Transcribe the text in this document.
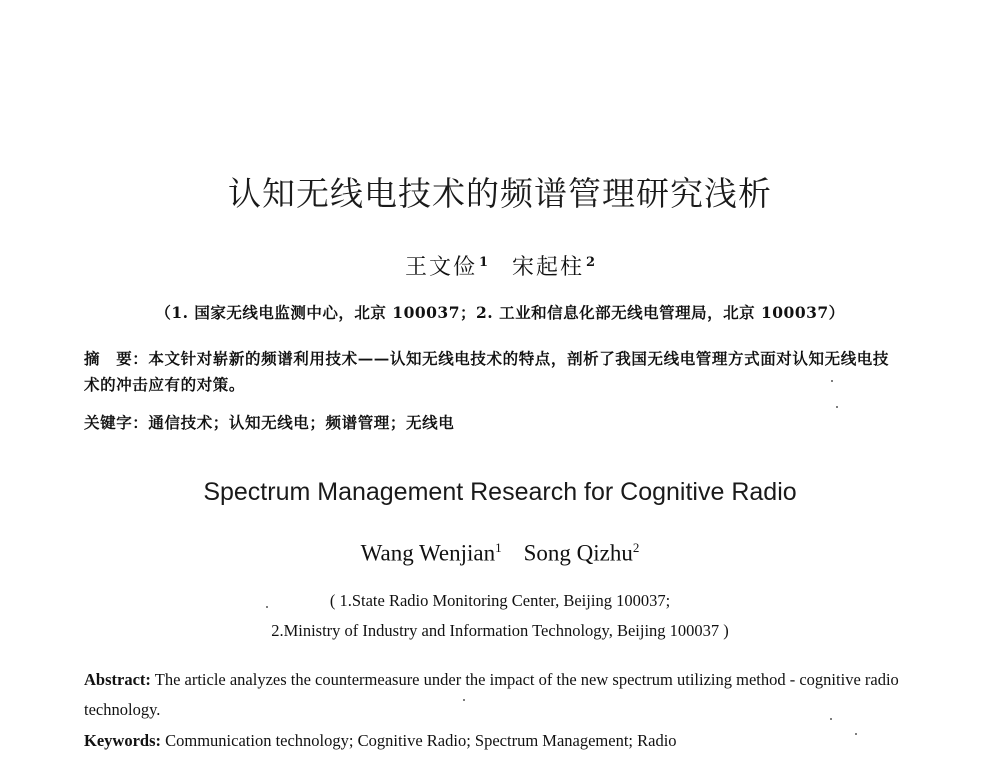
认知无线电技术的频谱管理研究浅析
王文俭 $^1$ 宋起柱 $^2$
（1. 国家无线电监测中心，北京 100037；2. 工业和信息化部无线电管理局，北京 100037）
摘　要：本文针对崭新的频谱利用技术——认知无线电技术的特点，剖析了我国无线电管理方式面对认知无线电技术的冲击应有的对策。
关键字：通信技术；认知无线电；频谱管理；无线电
Spectrum Management Research for Cognitive Radio
Wang Wenjian$^1$ Song Qizhu$^2$
( 1.State Radio Monitoring Center, Beijing 100037;
2.Ministry of Industry and Information Technology, Beijing 100037 )
Abstract: The article analyzes the countermeasure under the impact of the new spectrum utilizing method - cognitive radio technology.
Keywords: Communication technology; Cognitive Radio; Spectrum Management; Radio
